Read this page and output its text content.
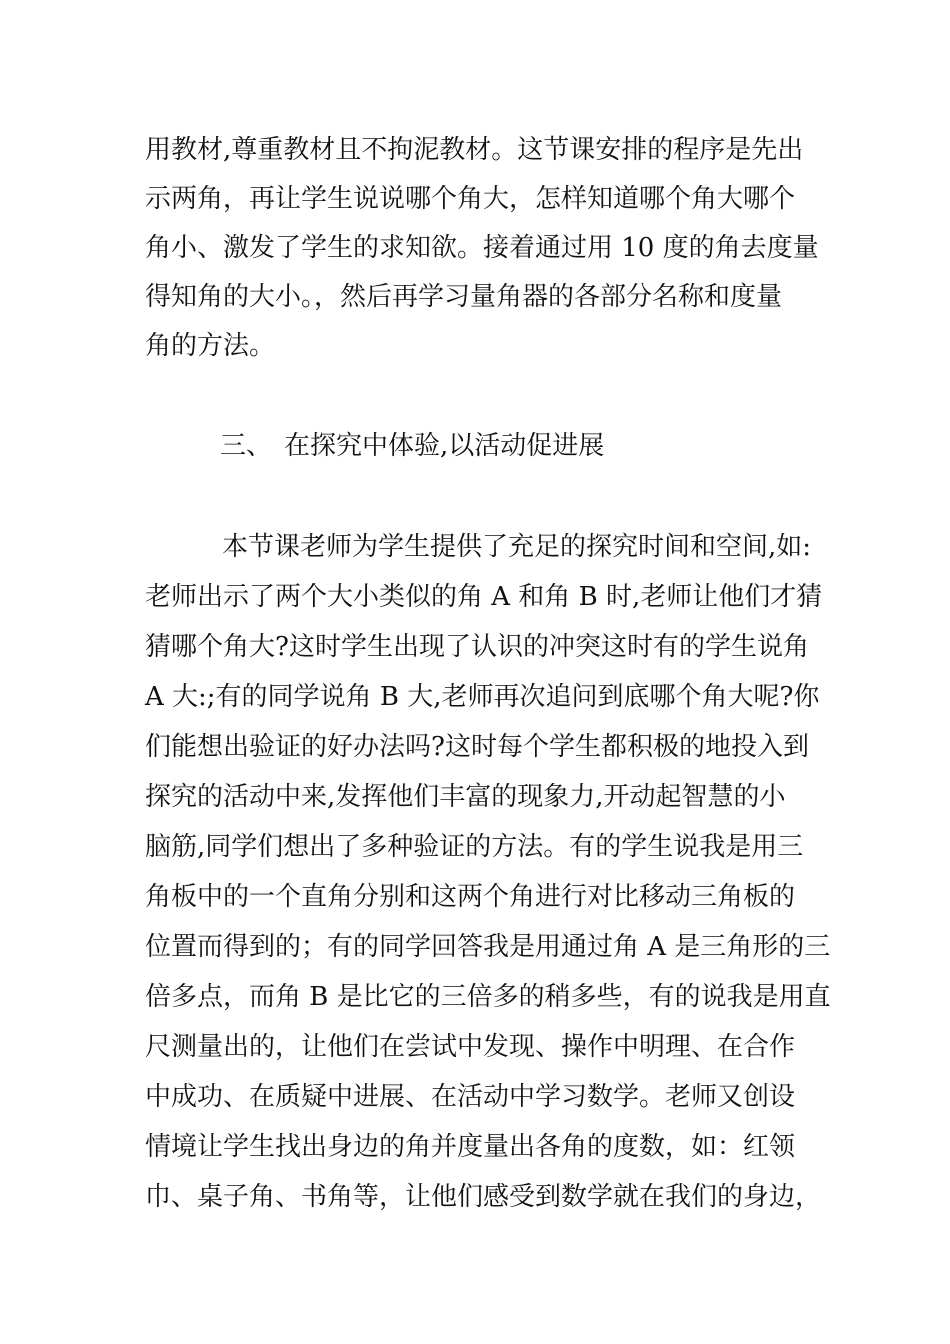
用教材,尊重教材且不拘泥教材。这节课安排的程序是先出
示两角，再让学生说说哪个角大，怎样知道哪个角大哪个
角小、激发了学生的求知欲。接着通过用 10 度的角去度量
得知角的大小。，然后再学习量角器的各部分名称和度量
角的方法。
三、 在探究中体验,以活动促进展
本节课老师为学生提供了充足的探究时间和空间,如:
老师出示了两个大小类似的角 A 和角 B 时,老师让他们才猜
猜哪个角大?这时学生出现了认识的冲突这时有的学生说角
A 大:;有的同学说角 B 大,老师再次追问到底哪个角大呢?你
们能想出验证的好办法吗?这时每个学生都积极的地投入到
探究的活动中来,发挥他们丰富的现象力,开动起智慧的小
脑筋,同学们想出了多种验证的方法。有的学生说我是用三
角板中的一个直角分别和这两个角进行对比移动三角板的
位置而得到的；有的同学回答我是用通过角 A 是三角形的三
倍多点，而角 B 是比它的三倍多的稍多些，有的说我是用直
尺测量出的，让他们在尝试中发现、操作中明理、在合作
中成功、在质疑中进展、在活动中学习数学。老师又创设
情境让学生找出身边的角并度量出各角的度数，如：红领
巾、桌子角、书角等，让他们感受到数学就在我们的身边，
